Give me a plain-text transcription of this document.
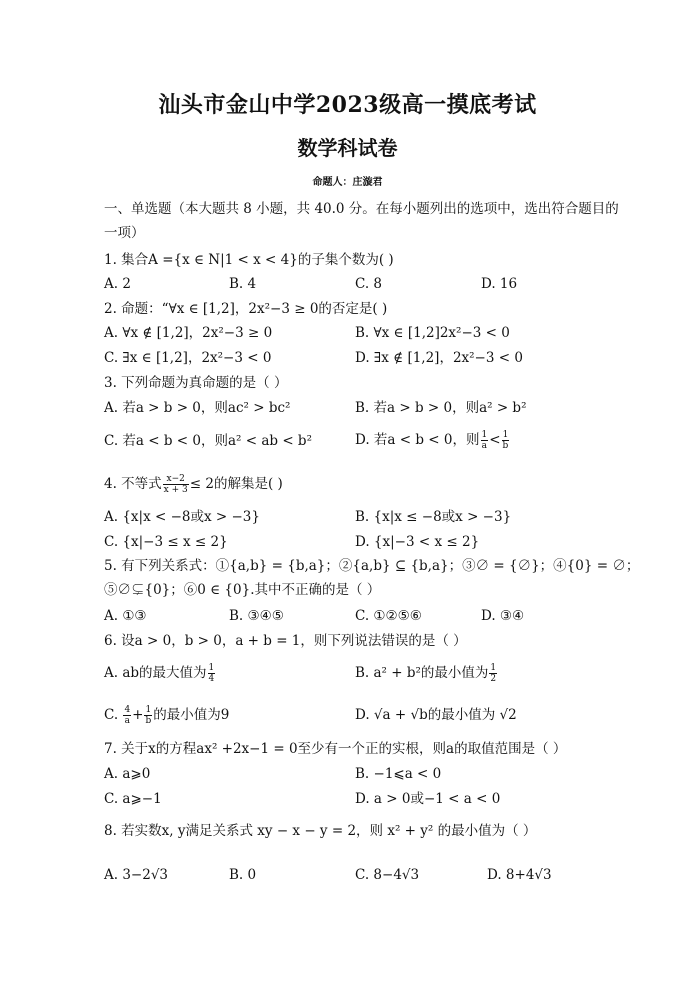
汕头市金山中学2023级高一摸底考试
数学科试卷
命题人：庄漩君
一、单选题（本大题共 8 小题，共 40.0 分。在每小题列出的选项中，选出符合题目的一项）
1. 集合A ={x ∈ N|1 < x < 4}的子集个数为( )
A. 2	B. 4	C. 8	D. 16
2. 命题：“∀x ∈ [1,2]，2x²−3 ≥ 0的否定是( )
A. ∀x ∉ [1,2]，2x²−3 ≥ 0	B. ∀x ∈ [1,2]2x²−3 < 0
C. ∃x ∈ [1,2]，2x²−3 < 0	D. ∃x ∉ [1,2]，2x²−3 < 0
3. 下列命题为真命题的是（ ）
A. 若a > b > 0，则ac² > bc²	B. 若a > b > 0，则a² > b²
C. 若a < b < 0，则a² < ab < b²	D. 若a < b < 0，则 $\frac{1}{a} < \frac{1}{b}$
4. 不等式 $\frac{x-2}{x + 3} \le 2$的解集是( )
A. {x|x < −8或x > −3}	B. {x|x ≤ −8或x > −3}
C. {x|−3 ≤ x ≤ 2}	D. {x|−3 < x ≤ 2}
5. 有下列关系式：①{a,b} = {b,a}；②{a,b} ⊆ {b,a}；③∅ = {∅}；④{0} = ∅；
⑤∅⊊{0}；⑥0 ∈ {0}.其中不正确的是（ ）
A. ①③	B. ③④⑤	C. ①②⑤⑥	D. ③④
6. 设a > 0，b > 0，a + b = 1，则下列说法错误的是（ ）
A. ab的最大值为 $\frac{1}{4}$	B. a² + b²的最小值为 $\frac{1}{2}$
C. $\frac{4}{a} + \frac{1}{b}$ 的最小值为9	D. √a + √b的最小值为 √2
7. 关于x的方程ax² +2x−1 = 0至少有一个正的实根，则a的取值范围是（ ）
A. a⩾0	B. −1⩽a < 0
C. a⩾−1	D. a > 0或−1 < a < 0
8. 若实数x, y满足关系式 xy − x − y = 2，则 x² + y² 的最小值为（ ）
A. 3−2√3	B. 0	C. 8−4√3	D. 8+4√3
